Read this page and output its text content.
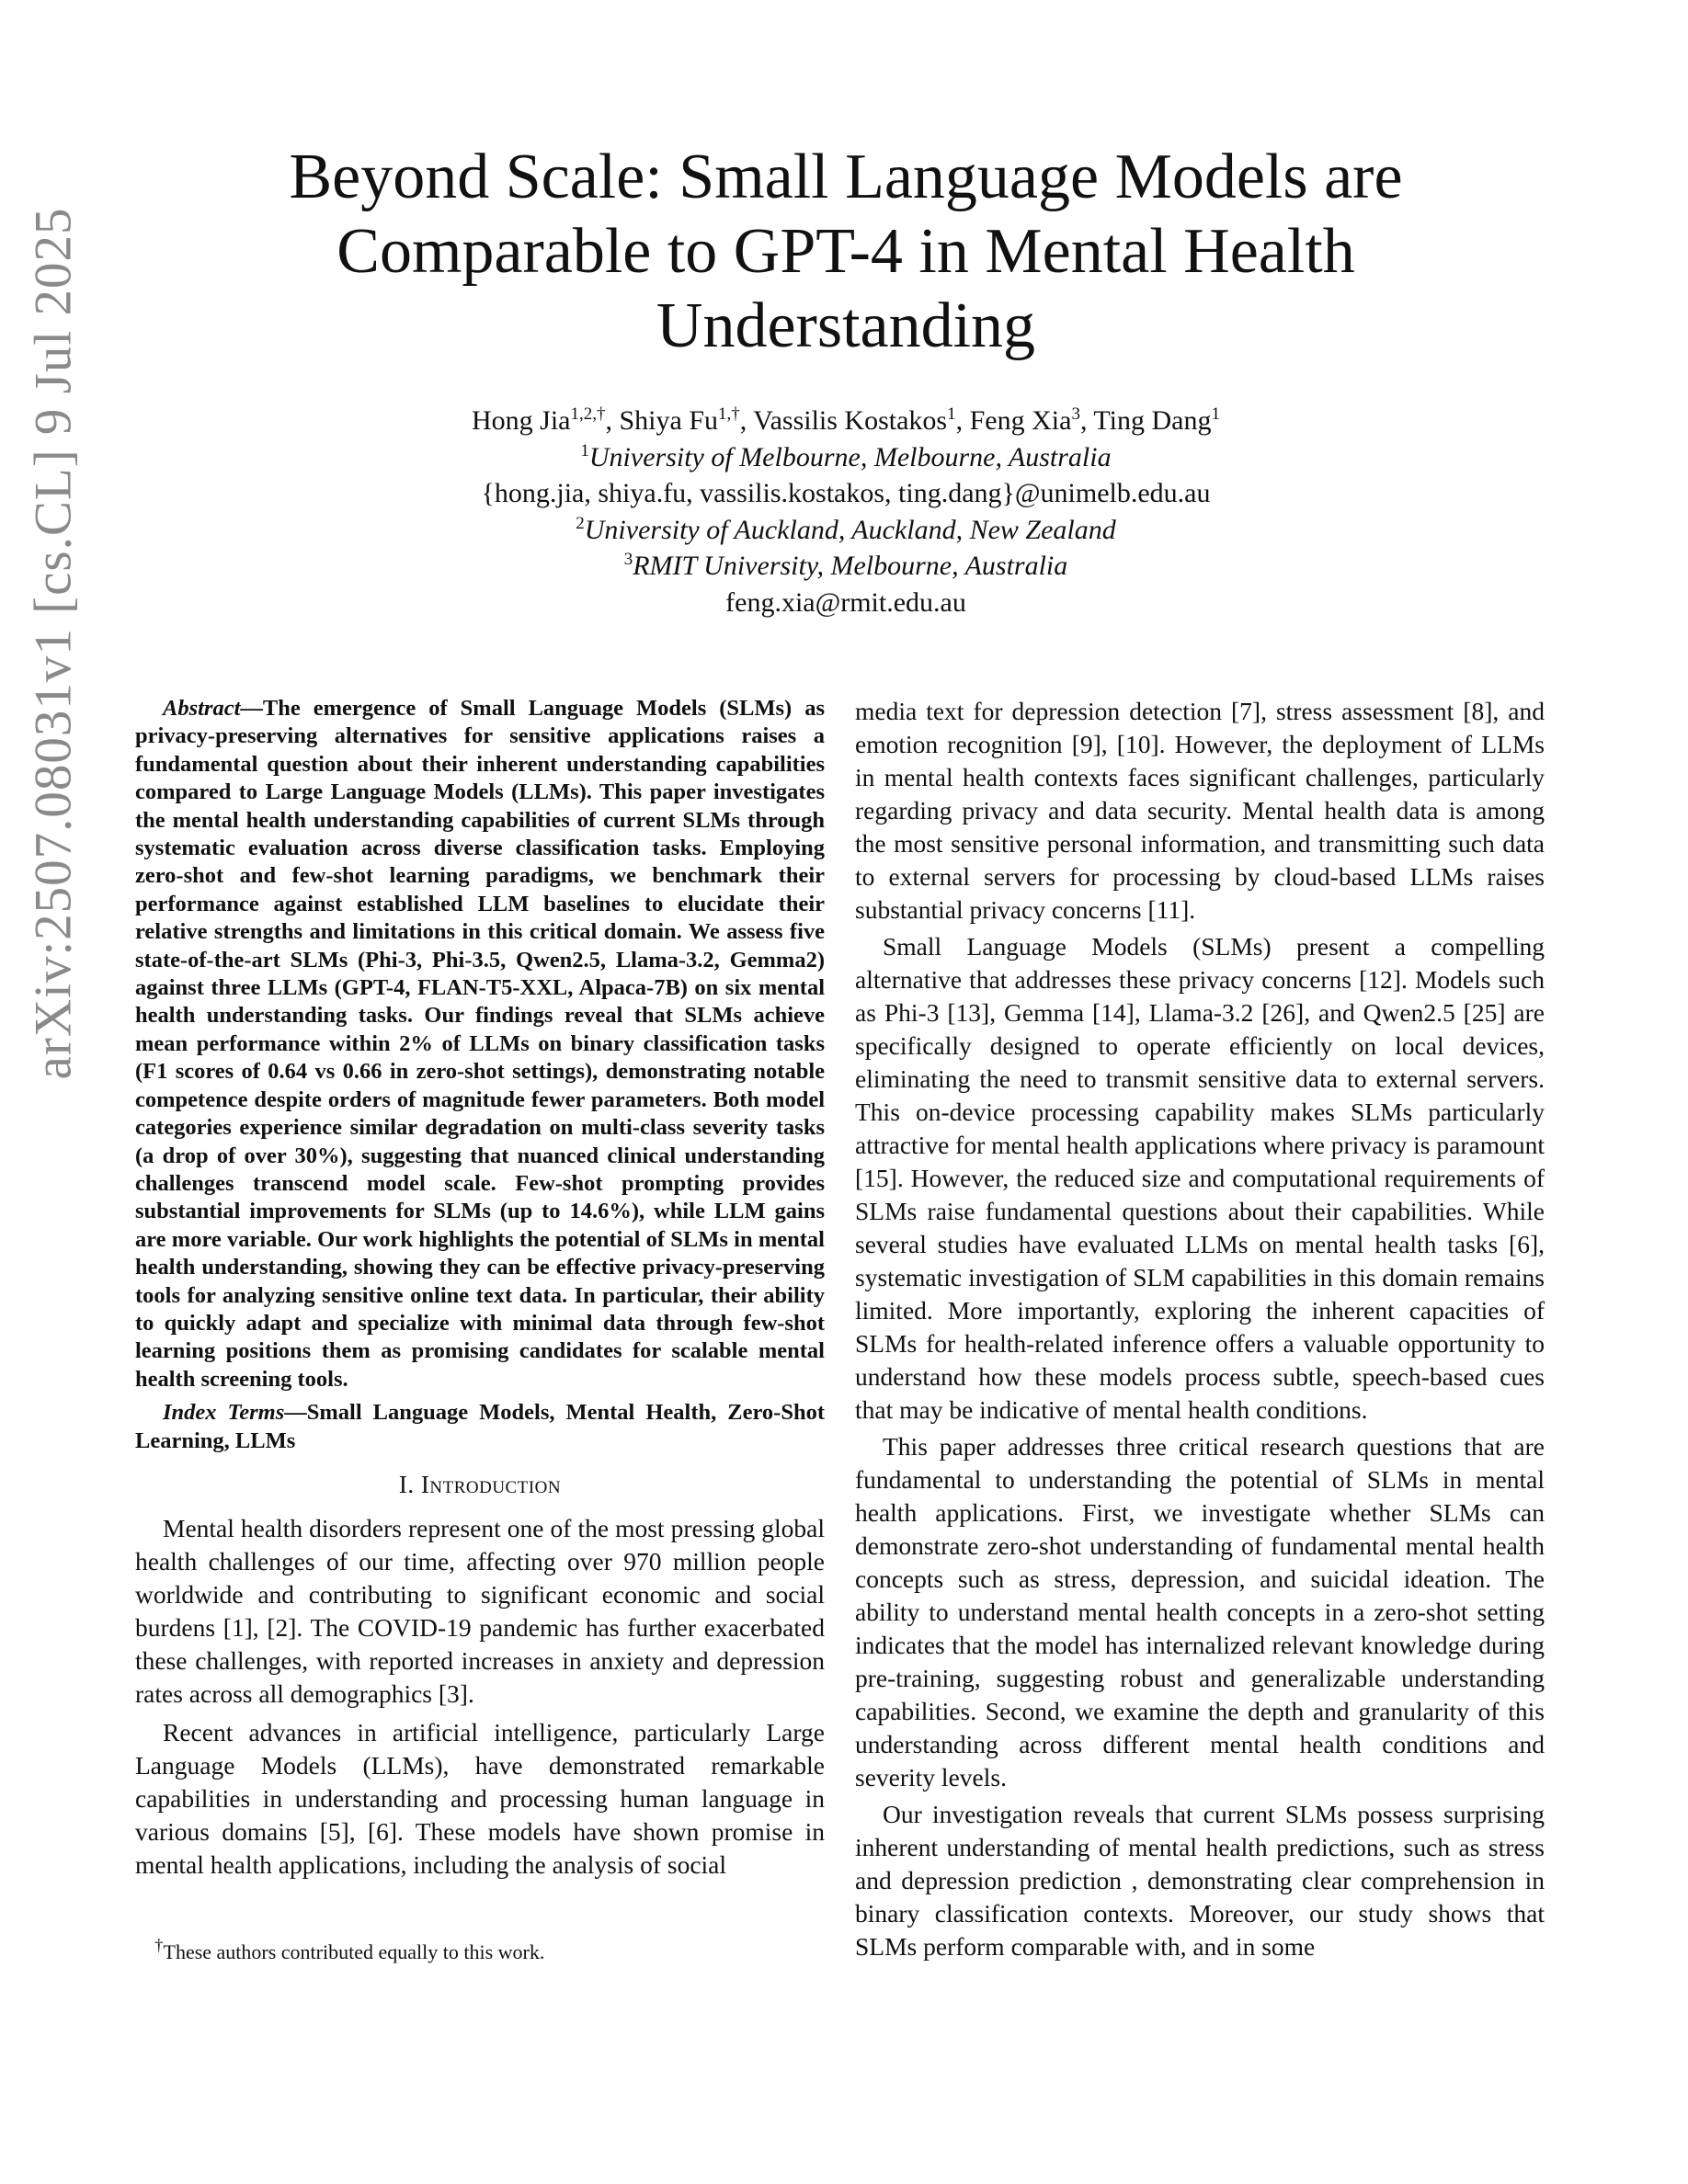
arXiv:2507.08031v1 [cs.CL] 9 Jul 2025
Beyond Scale: Small Language Models are Comparable to GPT-4 in Mental Health Understanding
Hong Jia$^{1,2,\dagger}$, Shiya $Fu^{1,\dagger}$, Vassilis Kostakos$^1$, Feng Xia$^3$, Ting Dang$^1$
$^1$University of Melbourne, Melbourne, Australia
{hong.jia, shiya.fu, vassilis.kostakos, ting.dang}@unimelb.edu.au
$^2$University of Auckland, Auckland, New Zealand
$^3$RMIT University, Melbourne, Australia
feng.xia@rmit.edu.au

Abstract—The emergence of Small Language Models (SLMs) as privacy-preserving alternatives for sensitive applications raises a fundamental question about their inherent understanding capabilities compared to Large Language Models (LLMs). This paper investigates the mental health understanding capabilities of current SLMs through systematic evaluation across diverse classification tasks. Employing zero-shot and few-shot learning paradigms, we benchmark their performance against established LLM baselines to elucidate their relative strengths and limitations in this critical domain. We assess five state-of-the-art SLMs (Phi-3, Phi-3.5, Qwen2.5, Llama-3.2, Gemma2) against three LLMs (GPT-4, FLAN-T5-XXL, Alpaca-7B) on six mental health understanding tasks. Our findings reveal that SLMs achieve mean performance within 2% of LLMs on binary classification tasks (F1 scores of 0.64 vs 0.66 in zero-shot settings), demonstrating notable competence despite orders of magnitude fewer parameters. Both model categories experience similar degradation on multi-class severity tasks (a drop of over 30%), suggesting that nuanced clinical understanding challenges transcend model scale. Few-shot prompting provides substantial improvements for SLMs (up to 14.6%), while LLM gains are more variable. Our work highlights the potential of SLMs in mental health understanding, showing they can be effective privacy-preserving tools for analyzing sensitive online text data. In particular, their ability to quickly adapt and specialize with minimal data through few-shot learning positions them as promising candidates for scalable mental health screening tools.

Index Terms—Small Language Models, Mental Health, Zero-Shot Learning, LLMs

I. Introduction

Mental health disorders represent one of the most pressing global health challenges of our time, affecting over 970 million people worldwide and contributing to significant economic and social burdens [1], [2]. The COVID-19 pandemic has further exacerbated these challenges, with reported increases in anxiety and depression rates across all demographics [3].

Recent advances in artificial intelligence, particularly Large Language Models (LLMs), have demonstrated remarkable capabilities in understanding and processing human language in various domains [5], [6]. These models have shown promise in mental health applications, including the analysis of social

†These authors contributed equally to this work.

media text for depression detection [7], stress assessment [8], and emotion recognition [9], [10]. However, the deployment of LLMs in mental health contexts faces significant challenges, particularly regarding privacy and data security. Mental health data is among the most sensitive personal information, and transmitting such data to external servers for processing by cloud-based LLMs raises substantial privacy concerns [11].

Small Language Models (SLMs) present a compelling alternative that addresses these privacy concerns [12]. Models such as Phi-3 [13], Gemma [14], Llama-3.2 [26], and Qwen2.5 [25] are specifically designed to operate efficiently on local devices, eliminating the need to transmit sensitive data to external servers. This on-device processing capability makes SLMs particularly attractive for mental health applications where privacy is paramount [15]. However, the reduced size and computational requirements of SLMs raise fundamental questions about their capabilities. While several studies have evaluated LLMs on mental health tasks [6], systematic investigation of SLM capabilities in this domain remains limited. More importantly, exploring the inherent capacities of SLMs for health-related inference offers a valuable opportunity to understand how these models process subtle, speech-based cues that may be indicative of mental health conditions.

This paper addresses three critical research questions that are fundamental to understanding the potential of SLMs in mental health applications. First, we investigate whether SLMs can demonstrate zero-shot understanding of fundamental mental health concepts such as stress, depression, and suicidal ideation. The ability to understand mental health concepts in a zero-shot setting indicates that the model has internalized relevant knowledge during pre-training, suggesting robust and generalizable understanding capabilities. Second, we examine the depth and granularity of this understanding across different mental health conditions and severity levels.

Our investigation reveals that current SLMs possess surprising inherent understanding of mental health predictions, such as stress and depression prediction , demonstrating clear comprehension in binary classification contexts. Moreover, our study shows that SLMs perform comparable with, and in some
